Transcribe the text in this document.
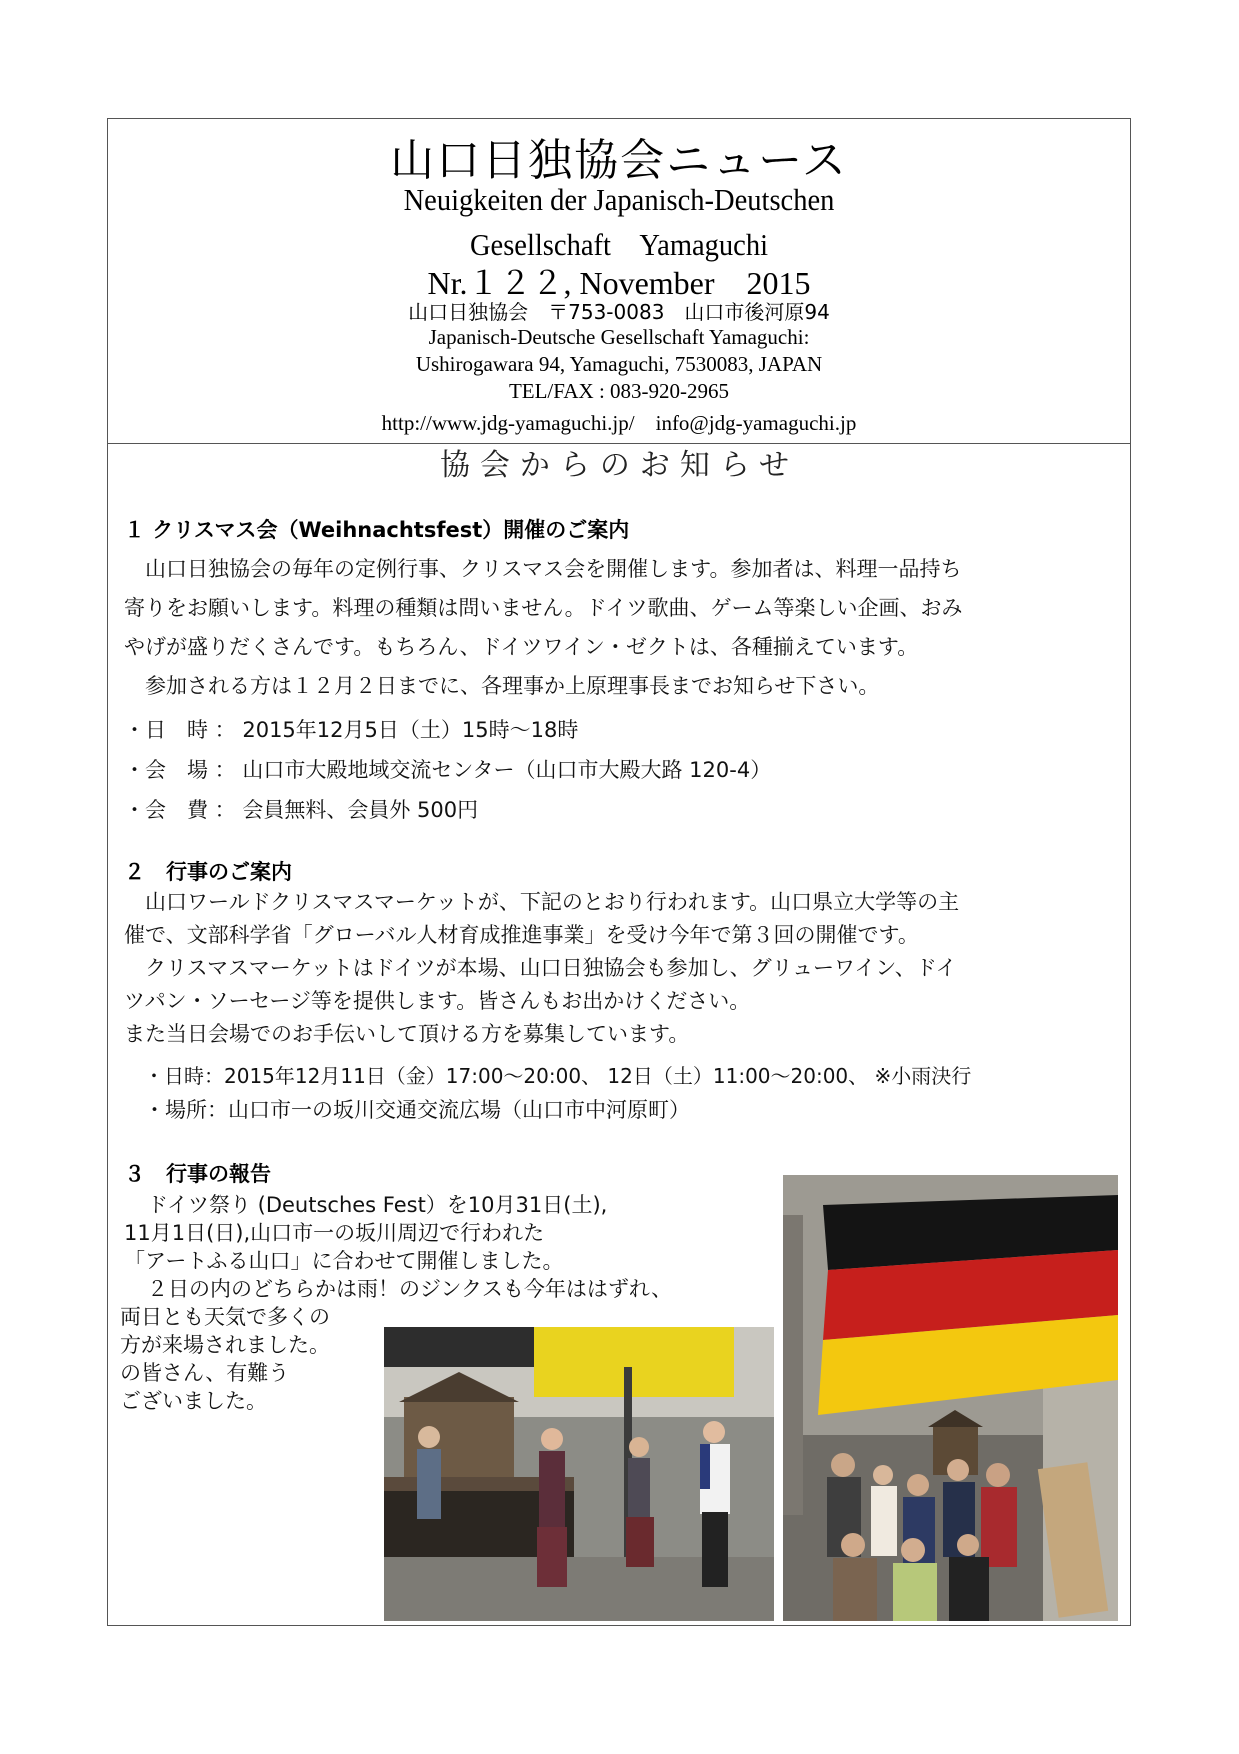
山口日独協会ニュース
Neuigkeiten der Japanisch-Deutschen
Gesellschaft　Yamaguchi
Nr.１２２, November　2015
山口日独協会　〒753-0083　山口市後河原94
Japanisch-Deutsche Gesellschaft Yamaguchi:
Ushirogawara 94, Yamaguchi, 7530083, JAPAN
TEL/FAX : 083-920-2965
http://www.jdg-yamaguchi.jp/　info@jdg-yamaguchi.jp
協会からのお知らせ
１ クリスマス会（Weihnachtsfest）開催のご案内
山口日独協会の毎年の定例行事、クリスマス会を開催します。参加者は、料理一品持ち
寄りをお願いします。料理の種類は問いません。ドイツ歌曲、ゲーム等楽しい企画、おみ
やげが盛りだくさんです。もちろん、ドイツワイン・ゼクトは、各種揃えています。
参加される方は１２月２日までに、各理事か上原理事長までお知らせ下さい。
・日　時 ： 2015年12月5日（土）15時～18時
・会　場 ： 山口市大殿地域交流センター（山口市大殿大路 120-4）
・会　費 ： 会員無料、会員外 500円
２　行事のご案内
山口ワールドクリスマスマーケットが、下記のとおり行われます。山口県立大学等の主
催で、文部科学省「グローバル人材育成推進事業」を受け今年で第３回の開催です。
クリスマスマーケットはドイツが本場、山口日独協会も参加し、グリューワイン、ドイ
ツパン・ソーセージ等を提供します。皆さんもお出かけください。
また当日会場でのお手伝いして頂ける方を募集しています。
・日時：2015年12月11日（金）17:00～20:00、 12日（土）11:00～20:00、 ※小雨決行
・場所：山口市一の坂川交通交流広場（山口市中河原町）
３　行事の報告
ドイツ祭り (Deutsches Fest）を10月31日(土),
11月1日(日),山口市一の坂川周辺で行われた
「アートふる山口」に合わせて開催しました。
２日の内のどちらかは雨！のジンクスも今年ははずれ、
両日とも天気で多くの
方が来場されました。
の皆さん、有難う
ございました。
